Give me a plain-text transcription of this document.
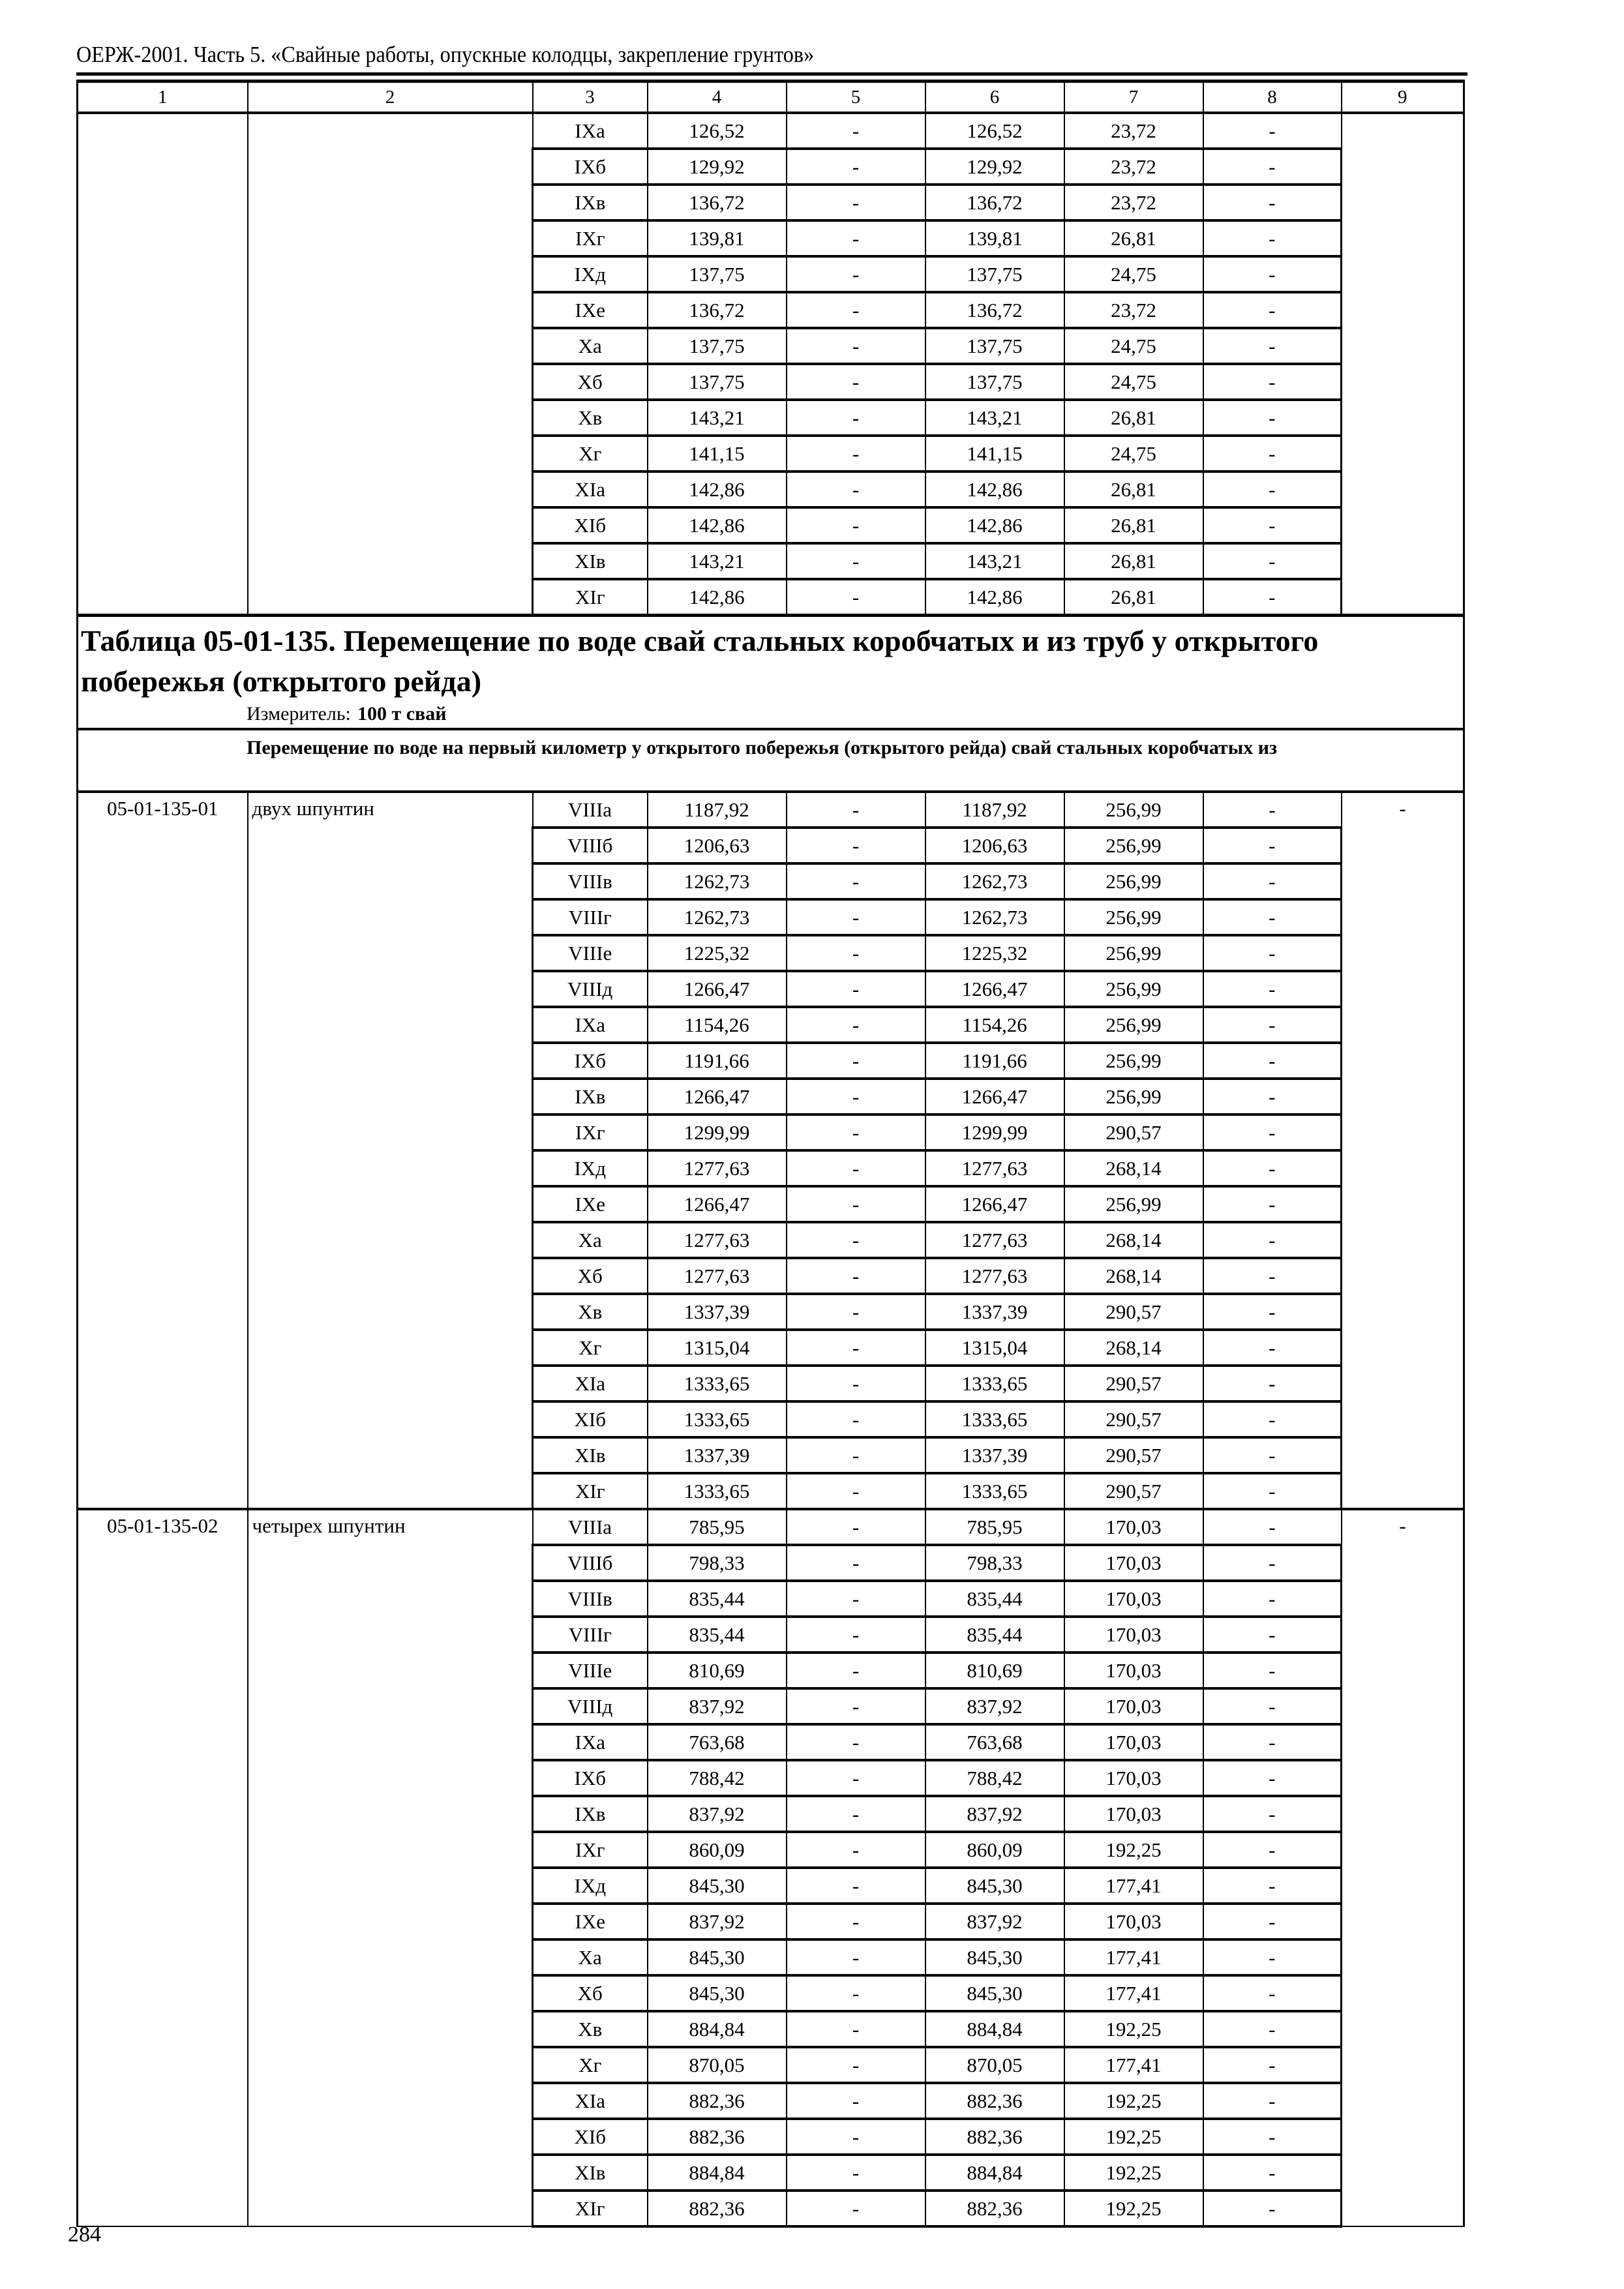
ОЕРЖ-2001. Часть 5. «Свайные работы, опускные колодцы, закрепление грунтов»
1	2	3	4	5	6	7	8	9
		IXа	126,52	-	126,52	23,72	-	
		IXб	129,92	-	129,92	23,72	-	
		IXв	136,72	-	136,72	23,72	-	
		IXг	139,81	-	139,81	26,81	-	
		IXд	137,75	-	137,75	24,75	-	
		IXе	136,72	-	136,72	23,72	-	
		Xа	137,75	-	137,75	24,75	-	
		Xб	137,75	-	137,75	24,75	-	
		Xв	143,21	-	143,21	26,81	-	
		Xг	141,15	-	141,15	24,75	-	
		XIа	142,86	-	142,86	26,81	-	
		XIб	142,86	-	142,86	26,81	-	
		XIв	143,21	-	143,21	26,81	-	
		XIг	142,86	-	142,86	26,81	-	

Таблица 05-01-135. Перемещение по воде свай стальных коробчатых и из труб у открытого побережья (открытого рейда)
Измеритель: 100 т свай								

Перемещение по воде на первый километр у открытого побережья (открытого рейда) свай стальных коробчатых из								

05-01-135-01	двух шпунтин	VIIIа	1187,92	-	1187,92	256,99	-	-
		VIIIб	1206,63	-	1206,63	256,99	-	
		VIIIв	1262,73	-	1262,73	256,99	-	
		VIIIг	1262,73	-	1262,73	256,99	-	
		VIIIе	1225,32	-	1225,32	256,99	-	
		VIIIд	1266,47	-	1266,47	256,99	-	
		IXа	1154,26	-	1154,26	256,99	-	
		IXб	1191,66	-	1191,66	256,99	-	
		IXв	1266,47	-	1266,47	256,99	-	
		IXг	1299,99	-	1299,99	290,57	-	
		IXд	1277,63	-	1277,63	268,14	-	
		IXе	1266,47	-	1266,47	256,99	-	
		Xа	1277,63	-	1277,63	268,14	-	
		Xб	1277,63	-	1277,63	268,14	-	
		Xв	1337,39	-	1337,39	290,57	-	
		Xг	1315,04	-	1315,04	268,14	-	
		XIа	1333,65	-	1333,65	290,57	-	
		XIб	1333,65	-	1333,65	290,57	-	
		XIв	1337,39	-	1337,39	290,57	-	
		XIг	1333,65	-	1333,65	290,57	-	
05-01-135-02	четырех шпунтин	VIIIа	785,95	-	785,95	170,03	-	-
		VIIIб	798,33	-	798,33	170,03	-	
		VIIIв	835,44	-	835,44	170,03	-	
		VIIIг	835,44	-	835,44	170,03	-	
		VIIIе	810,69	-	810,69	170,03	-	
		VIIIд	837,92	-	837,92	170,03	-	
		IXа	763,68	-	763,68	170,03	-	
		IXб	788,42	-	788,42	170,03	-	
		IXв	837,92	-	837,92	170,03	-	
		IXг	860,09	-	860,09	192,25	-	
		IXд	845,30	-	845,30	177,41	-	
		IXе	837,92	-	837,92	170,03	-	
		Xа	845,30	-	845,30	177,41	-	
		Xб	845,30	-	845,30	177,41	-	
		Xв	884,84	-	884,84	192,25	-	
		Xг	870,05	-	870,05	177,41	-	
		XIа	882,36	-	882,36	192,25	-	
		XIб	882,36	-	882,36	192,25	-	
		XIв	884,84	-	884,84	192,25	-	
		XIг	882,36	-	882,36	192,25	-	
284
